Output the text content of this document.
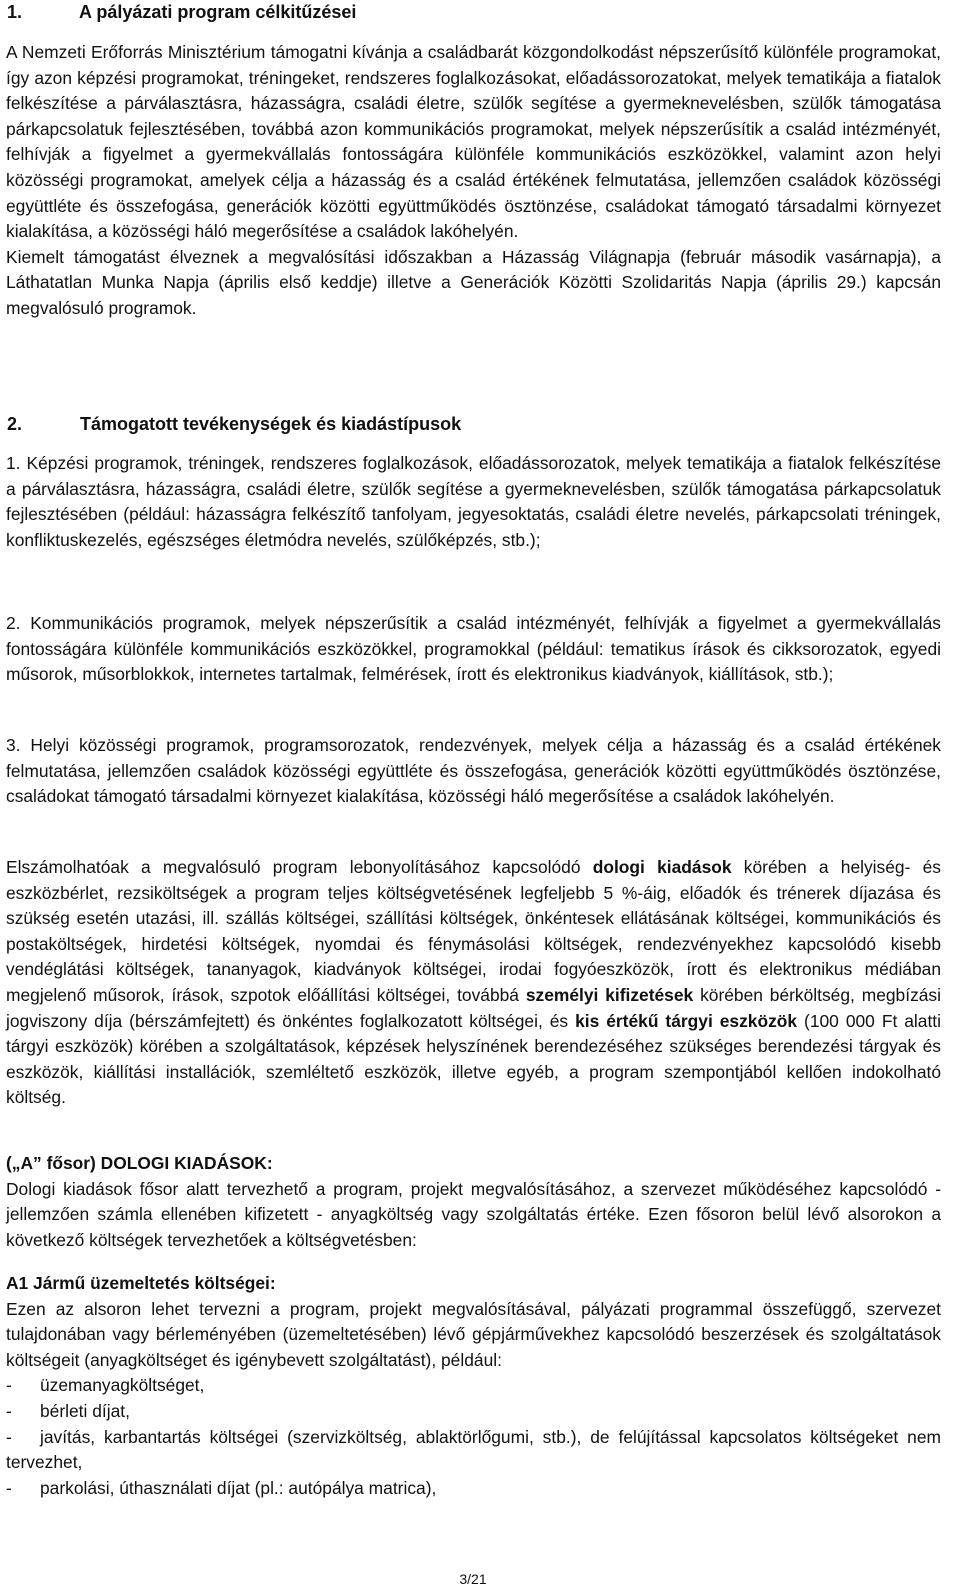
1.	A pályázati program célkitűzései

A Nemzeti Erőforrás Minisztérium támogatni kívánja a családbarát közgondolkodást népszerűsítő különféle programokat, így azon képzési programokat, tréningeket, rendszeres foglalkozásokat, előadássorozatokat, melyek tematikája a fiatalok felkészítése a párválasztásra, házasságra, családi életre, szülők segítése a gyermeknevelésben, szülők támogatása párkapcsolatuk fejlesztésében, továbbá azon kommunikációs programokat, melyek népszerűsítik a család intézményét, felhívják a figyelmet a gyermekvállalás fontosságára különféle kommunikációs eszközökkel, valamint azon helyi közösségi programokat, amelyek célja a házasság és a család értékének felmutatása, jellemzően családok közösségi együttléte és összefogása, generációk közötti együttműködés ösztönzése, családokat támogató társadalmi környezet kialakítása, a közösségi háló megerősítése a családok lakóhelyén.

Kiemelt támogatást élveznek a megvalósítási időszakban a Házasság Világnapja (február második vasárnapja), a Láthatatlan Munka Napja (április első keddje) illetve a Generációk Közötti Szolidaritás Napja (április 29.) kapcsán megvalósuló programok.

2.	Támogatott tevékenységek és kiadástípusok

1. Képzési programok, tréningek, rendszeres foglalkozások, előadássorozatok, melyek tematikája a fiatalok felkészítése a párválasztásra, házasságra, családi életre, szülők segítése a gyermeknevelésben, szülők támogatása párkapcsolatuk fejlesztésében (például: házasságra felkészítő tanfolyam, jegyesoktatás, családi életre nevelés, párkapcsolati tréningek, konfliktuskezelés, egészséges életmódra nevelés, szülőképzés, stb.);

2. Kommunikációs programok, melyek népszerűsítik a család intézményét, felhívják a figyelmet a gyermekvállalás fontosságára különféle kommunikációs eszközökkel, programokkal (például: tematikus írások és cikksorozatok, egyedi műsorok, műsorblokkok, internetes tartalmak, felmérések, írott és elektronikus kiadványok, kiállítások, stb.);

3. Helyi közösségi programok, programsorozatok, rendezvények, melyek célja a házasság és a család értékének felmutatása, jellemzően családok közösségi együttléte és összefogása, generációk közötti együttműködés ösztönzése, családokat támogató társadalmi környezet kialakítása, közösségi háló megerősítése a családok lakóhelyén.

Elszámolhatóak a megvalósuló program lebonyolításához kapcsolódó dologi kiadások körében a helyiség- és eszközbérlet, rezsiköltségek a program teljes költségvetésének legfeljebb 5 %-áig, előadók és trénerek díjazása és szükség esetén utazási, ill. szállás költségei, szállítási költségek, önkéntesek ellátásának költségei, kommunikációs és postaköltségek, hirdetési költségek, nyomdai és fénymásolási költségek, rendezvényekhez kapcsolódó kisebb vendéglátási költségek, tananyagok, kiadványok költségei, irodai fogyóeszközök, írott és elektronikus médiában megjelenő műsorok, írások, szpotok előállítási költségei, továbbá személyi kifizetések körében bérköltség, megbízási jogviszony díja (bérszámfejtett) és önkéntes foglalkozatott költségei, és kis értékű tárgyi eszközök (100 000 Ft alatti tárgyi eszközök) körében a szolgáltatások, képzések helyszínének berendezéséhez szükséges berendezési tárgyak és eszközök, kiállítási installációk, szemléltető eszközök, illetve egyéb, a program szempontjából kellően indokolható költség.

(„A” fősor) DOLOGI KIADÁSOK:

Dologi kiadások fősor alatt tervezhető a program, projekt megvalósításához, a szervezet működéséhez kapcsolódó - jellemzően számla ellenében kifizetett - anyagköltség vagy szolgáltatás értéke. Ezen fősoron belül lévő alsorokon a következő költségek tervezhetőek a költségvetésben:

A1 Jármű üzemeltetés költségei:

Ezen az alsoron lehet tervezni a program, projekt megvalósításával, pályázati programmal összefüggő, szervezet tulajdonában vagy bérleményében (üzemeltetésében) lévő gépjárművekhez kapcsolódó beszerzések és szolgáltatások költségeit (anyagköltséget és igénybevett szolgáltatást), például:

- üzemanyagköltséget,
- bérleti díjat,
- javítás, karbantartás költségei (szervizköltség, ablaktörlőgumi, stb.), de felújítással kapcsolatos költségeket nem tervezhet,
- parkolási, úthasználati díjat (pl.: autópálya matrica),
3/21
